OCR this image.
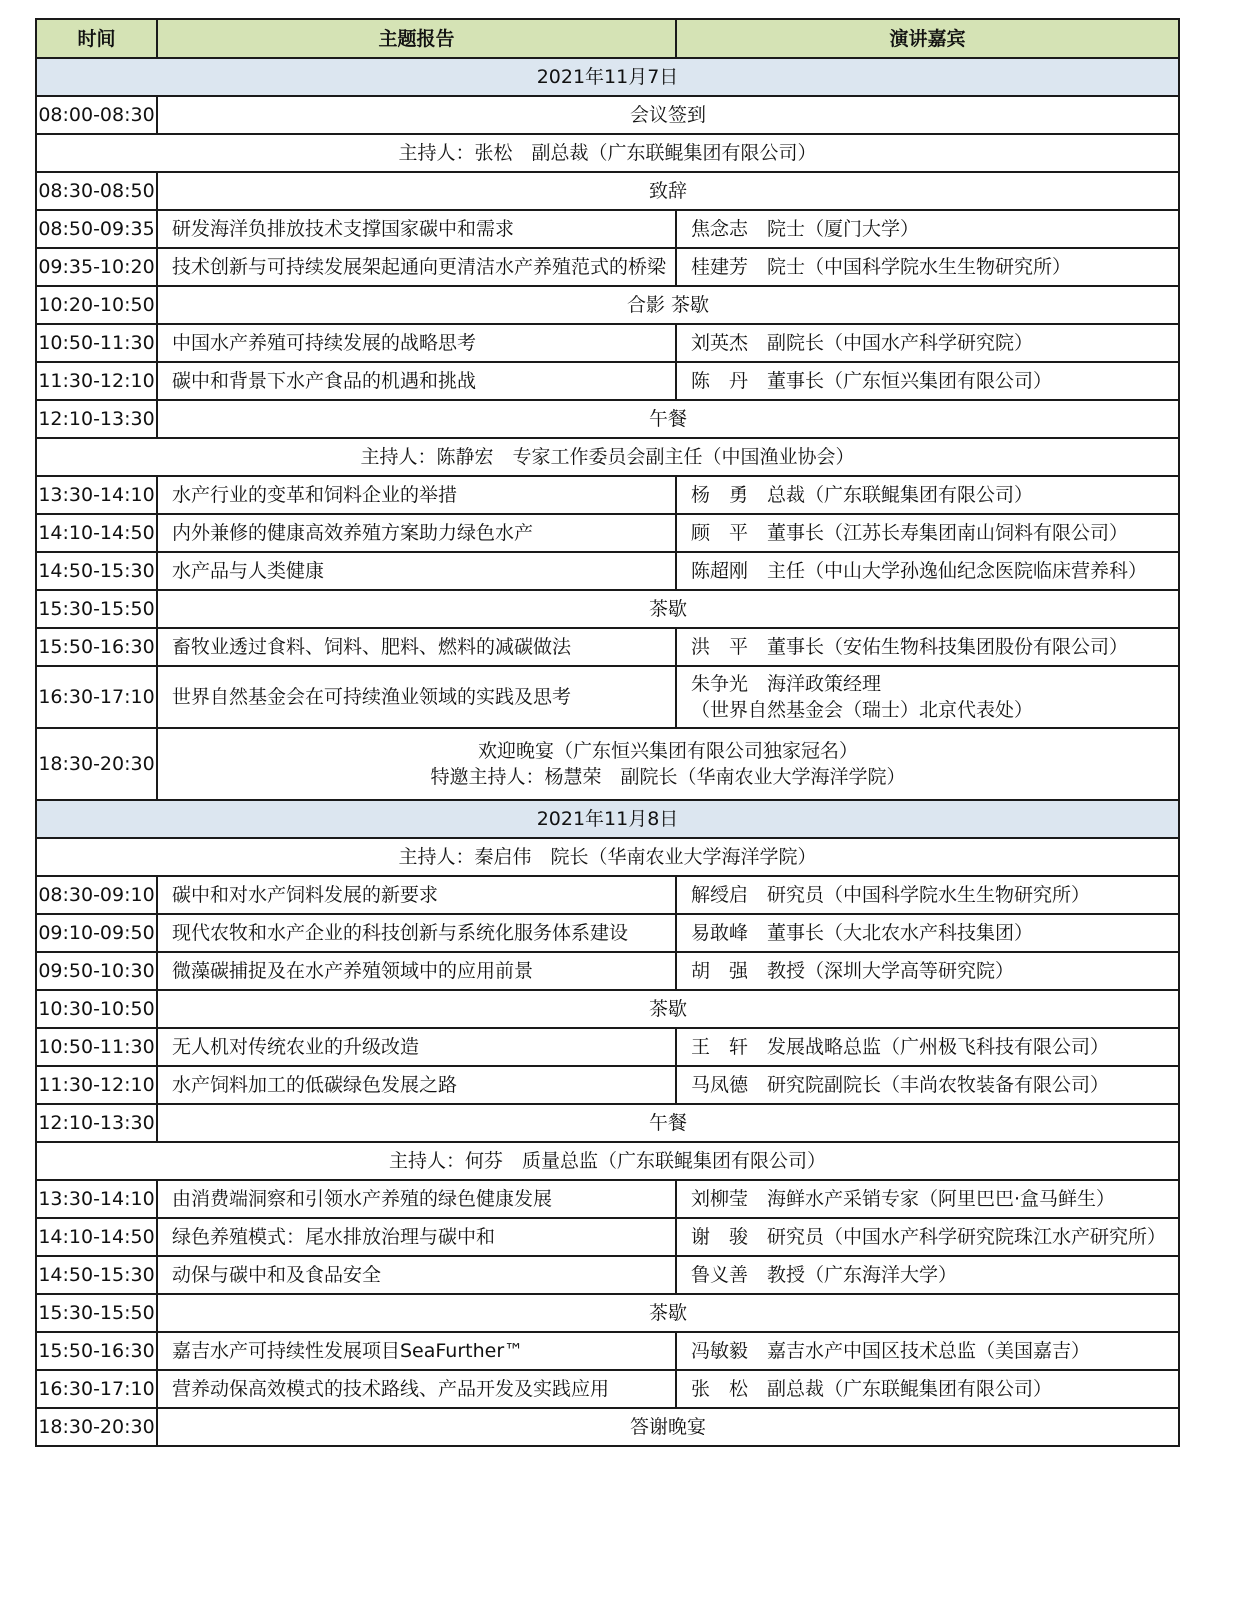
时间	主题报告	演讲嘉宾
2021年11月7日		
08:00-08:30	会议签到	
主持人：张松　副总裁（广东联鲲集团有限公司）		
08:30-08:50	致辞	
08:50-09:35	研发海洋负排放技术支撑国家碳中和需求	焦念志　院士（厦门大学）
09:35-10:20	技术创新与可持续发展架起通向更清洁水产养殖范式的桥梁	桂建芳　院士（中国科学院水生生物研究所）
10:20-10:50	合影 茶歇	
10:50-11:30	中国水产养殖可持续发展的战略思考	刘英杰　副院长（中国水产科学研究院）
11:30-12:10	碳中和背景下水产食品的机遇和挑战	陈　丹　董事长（广东恒兴集团有限公司）
12:10-13:30	午餐	
主持人：陈静宏　专家工作委员会副主任（中国渔业协会）		
13:30-14:10	水产行业的变革和饲料企业的举措	杨　勇　总裁（广东联鲲集团有限公司）
14:10-14:50	内外兼修的健康高效养殖方案助力绿色水产	顾　平　董事长（江苏长寿集团南山饲料有限公司）
14:50-15:30	水产品与人类健康	陈超刚　主任（中山大学孙逸仙纪念医院临床营养科）
15:30-15:50	茶歇	
15:50-16:30	畜牧业透过食料、饲料、肥料、燃料的减碳做法	洪　平　董事长（安佑生物科技集团股份有限公司）
16:30-17:10	世界自然基金会在可持续渔业领域的实践及思考	朱争光　海洋政策经理
（世界自然基金会（瑞士）北京代表处）

18:30-20:30	欢迎晚宴（广东恒兴集团有限公司独家冠名）
特邀主持人：杨慧荣　副院长（华南农业大学海洋学院）	

2021年11月8日		
主持人：秦启伟　院长（华南农业大学海洋学院）		
08:30-09:10	碳中和对水产饲料发展的新要求	解绶启　研究员（中国科学院水生生物研究所）
09:10-09:50	现代农牧和水产企业的科技创新与系统化服务体系建设	易敢峰　董事长（大北农水产科技集团）
09:50-10:30	微藻碳捕捉及在水产养殖领域中的应用前景	胡　强　教授（深圳大学高等研究院）
10:30-10:50	茶歇	
10:50-11:30	无人机对传统农业的升级改造	王　轩　发展战略总监（广州极飞科技有限公司）
11:30-12:10	水产饲料加工的低碳绿色发展之路	马凤德　研究院副院长（丰尚农牧装备有限公司）
12:10-13:30	午餐	
主持人：何芬　质量总监（广东联鲲集团有限公司）		
13:30-14:10	由消费端洞察和引领水产养殖的绿色健康发展	刘柳莹　海鲜水产采销专家（阿里巴巴·盒马鲜生）
14:10-14:50	绿色养殖模式：尾水排放治理与碳中和	谢　骏　研究员（中国水产科学研究院珠江水产研究所）
14:50-15:30	动保与碳中和及食品安全	鲁义善　教授（广东海洋大学）
15:30-15:50	茶歇	
15:50-16:30	嘉吉水产可持续性发展项目SeaFurther™	冯敏毅　嘉吉水产中国区技术总监（美国嘉吉）
16:30-17:10	营养动保高效模式的技术路线、产品开发及实践应用	张　松　副总裁（广东联鲲集团有限公司）
18:30-20:30	答谢晚宴	
